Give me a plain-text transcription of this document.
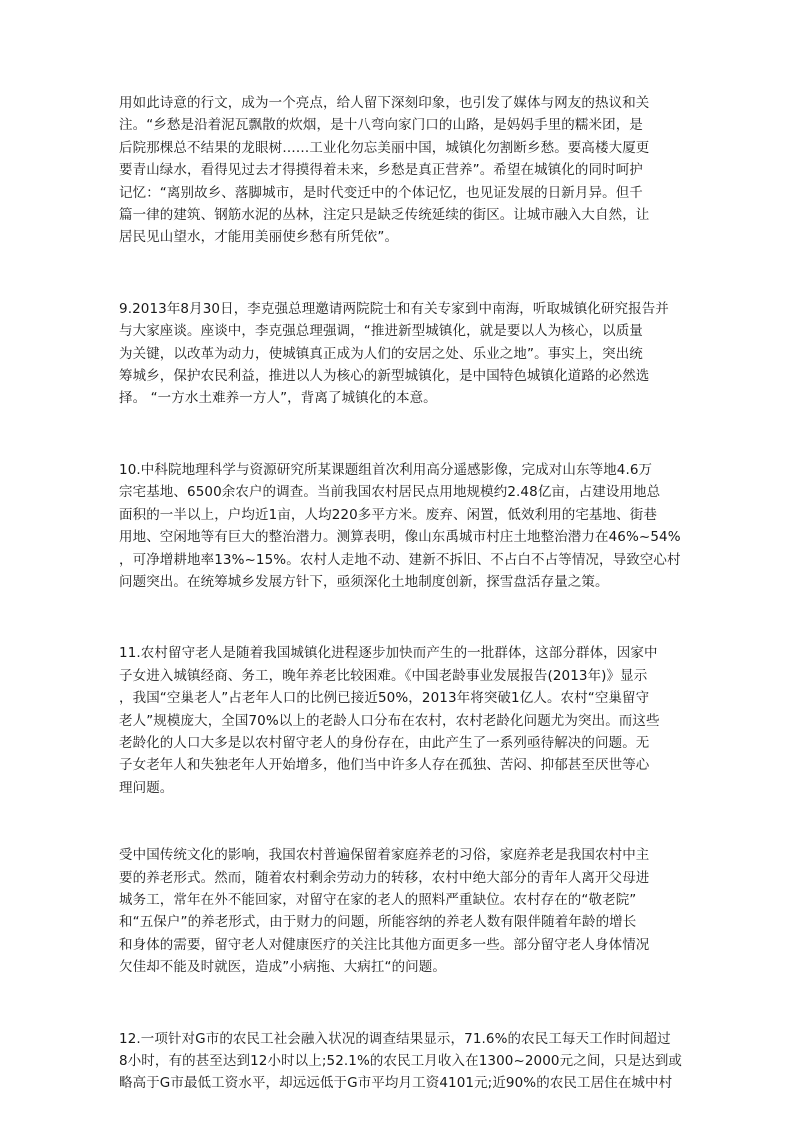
用如此诗意的行文，成为一个亮点，给人留下深刻印象，也引发了媒体与网友的热议和关
注。“乡愁是沿着泥瓦飘散的炊烟，是十八弯向家门口的山路，是妈妈手里的糯米团，是
后院那棵总不结果的龙眼树……工业化勿忘美丽中国，城镇化勿割断乡愁。要高楼大厦更
要青山绿水，看得见过去才得摸得着未来，乡愁是真正营养”。希望在城镇化的同时呵护
记忆：“离别故乡、落脚城市，是时代变迁中的个体记忆，也见证发展的日新月异。但千
篇一律的建筑、钢筋水泥的丛林，注定只是缺乏传统延续的街区。让城市融入大自然，让
居民见山望水，才能用美丽使乡愁有所凭依”。

9.2013年8月30日，李克强总理邀请两院院士和有关专家到中南海，听取城镇化研究报告并
与大家座谈。座谈中，李克强总理强调，“推进新型城镇化，就是要以人为核心，以质量
为关键，以改革为动力，使城镇真正成为人们的安居之处、乐业之地”。事实上，突出统
筹城乡，保护农民利益，推进以人为核心的新型城镇化，是中国特色城镇化道路的必然选
择。 “一方水土难养一方人”，背离了城镇化的本意。

10.中科院地理科学与资源研究所某课题组首次利用高分遥感影像，完成对山东等地4.6万
宗宅基地、6500余农户的调查。当前我国农村居民点用地规模约2.48亿亩，占建设用地总
面积的一半以上，户均近1亩，人均220多平方米。废弃、闲置，低效利用的宅基地、街巷
用地、空闲地等有巨大的整治潜力。测算表明，像山东禹城市村庄土地整治潜力在46%~54%
，可净增耕地率13%~15%。农村人走地不动、建新不拆旧、不占白不占等情况，导致空心村
问题突出。在统筹城乡发展方针下，亟须深化土地制度创新，探雪盘活存量之策。

11.农村留守老人是随着我国城镇化进程逐步加快而产生的一批群体，这部分群体，因家中
子女进入城镇经商、务工，晚年养老比较困难。《中国老龄事业发展报告(2013年)》显示
，我国“空巢老人”占老年人口的比例已接近50%，2013年将突破1亿人。农村“空巢留守
老人”规模庞大，全国70%以上的老龄人口分布在农村，农村老龄化问题尤为突出。而这些
老龄化的人口大多是以农村留守老人的身份存在，由此产生了一系列亟待解决的问题。无
子女老年人和失独老年人开始增多，他们当中许多人存在孤独、苦闷、抑郁甚至厌世等心
理问题。

受中国传统文化的影响，我国农村普遍保留着家庭养老的习俗，家庭养老是我国农村中主
要的养老形式。然而，随着农村剩余劳动力的转移，农村中绝大部分的青年人离开父母进
城务工，常年在外不能回家，对留守在家的老人的照料严重缺位。农村存在的“敬老院”
和“五保户”的养老形式，由于财力的问题，所能容纳的养老人数有限伴随着年龄的增长
和身体的需要，留守老人对健康医疗的关注比其他方面更多一些。部分留守老人身体情况
欠佳却不能及时就医，造成”小病拖、大病扛“的问题。

12.一项针对G市的农民工社会融入状况的调查结果显示，71.6%的农民工每天工作时间超过
8小时，有的甚至达到12小时以上;52.1%的农民工月收入在1300~2000元之间，只是达到或
略高于G市最低工资水平，却远远低于G市平均月工资4101元;近90%的农民工居住在城中村
